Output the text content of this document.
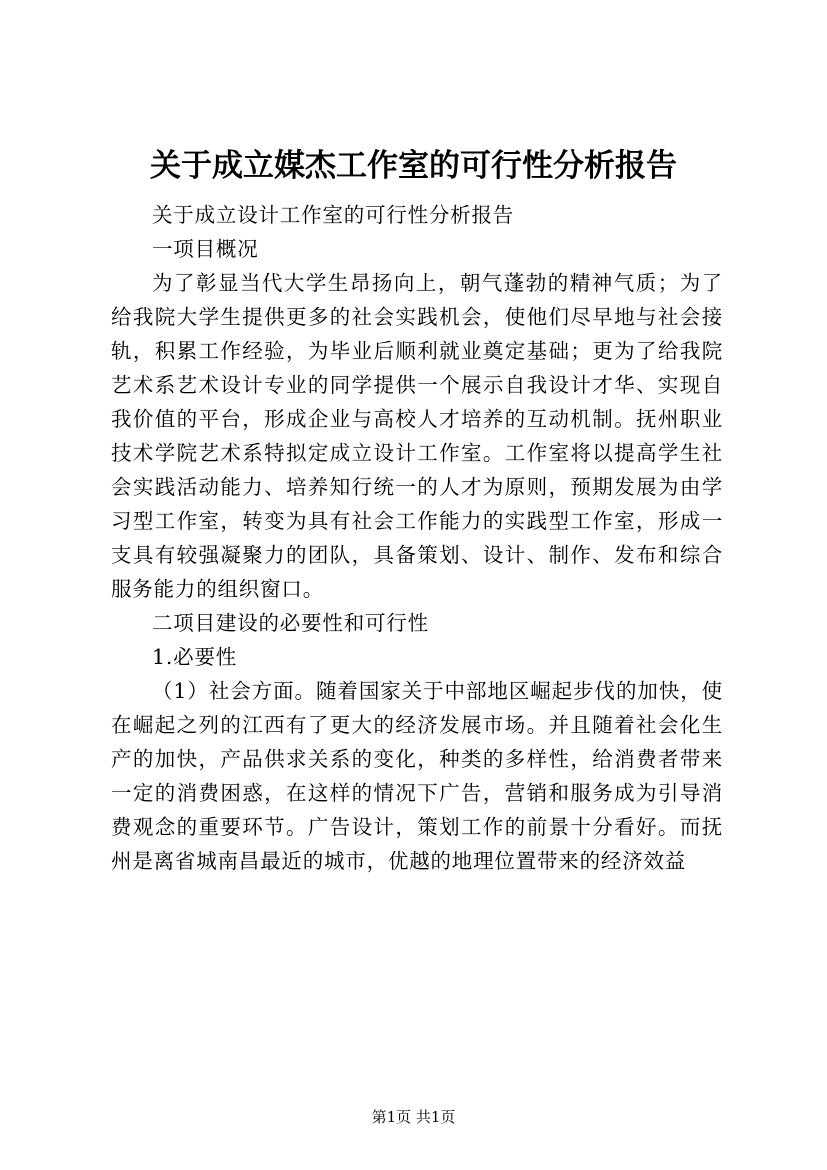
关于成立媒杰工作室的可行性分析报告

关于成立设计工作室的可行性分析报告

一项目概况

为了彰显当代大学生昂扬向上，朝气蓬勃的精神气质；为了给我院大学生提供更多的社会实践机会，使他们尽早地与社会接轨，积累工作经验，为毕业后顺利就业奠定基础；更为了给我院艺术系艺术设计专业的同学提供一个展示自我设计才华、实现自我价值的平台，形成企业与高校人才培养的互动机制。抚州职业技术学院艺术系特拟定成立设计工作室。工作室将以提高学生社会实践活动能力、培养知行统一的人才为原则，预期发展为由学习型工作室，转变为具有社会工作能力的实践型工作室，形成一支具有较强凝聚力的团队，具备策划、设计、制作、发布和综合服务能力的组织窗口。

二项目建设的必要性和可行性

1.必要性

（1）社会方面。随着国家关于中部地区崛起步伐的加快，使在崛起之列的江西有了更大的经济发展市场。并且随着社会化生产的加快，产品供求关系的变化，种类的多样性，给消费者带来一定的消费困惑，在这样的情况下广告，营销和服务成为引导消费观念的重要环节。广告设计，策划工作的前景十分看好。而抚州是离省城南昌最近的城市，优越的地理位置带来的经济效益

第1页 共1页
